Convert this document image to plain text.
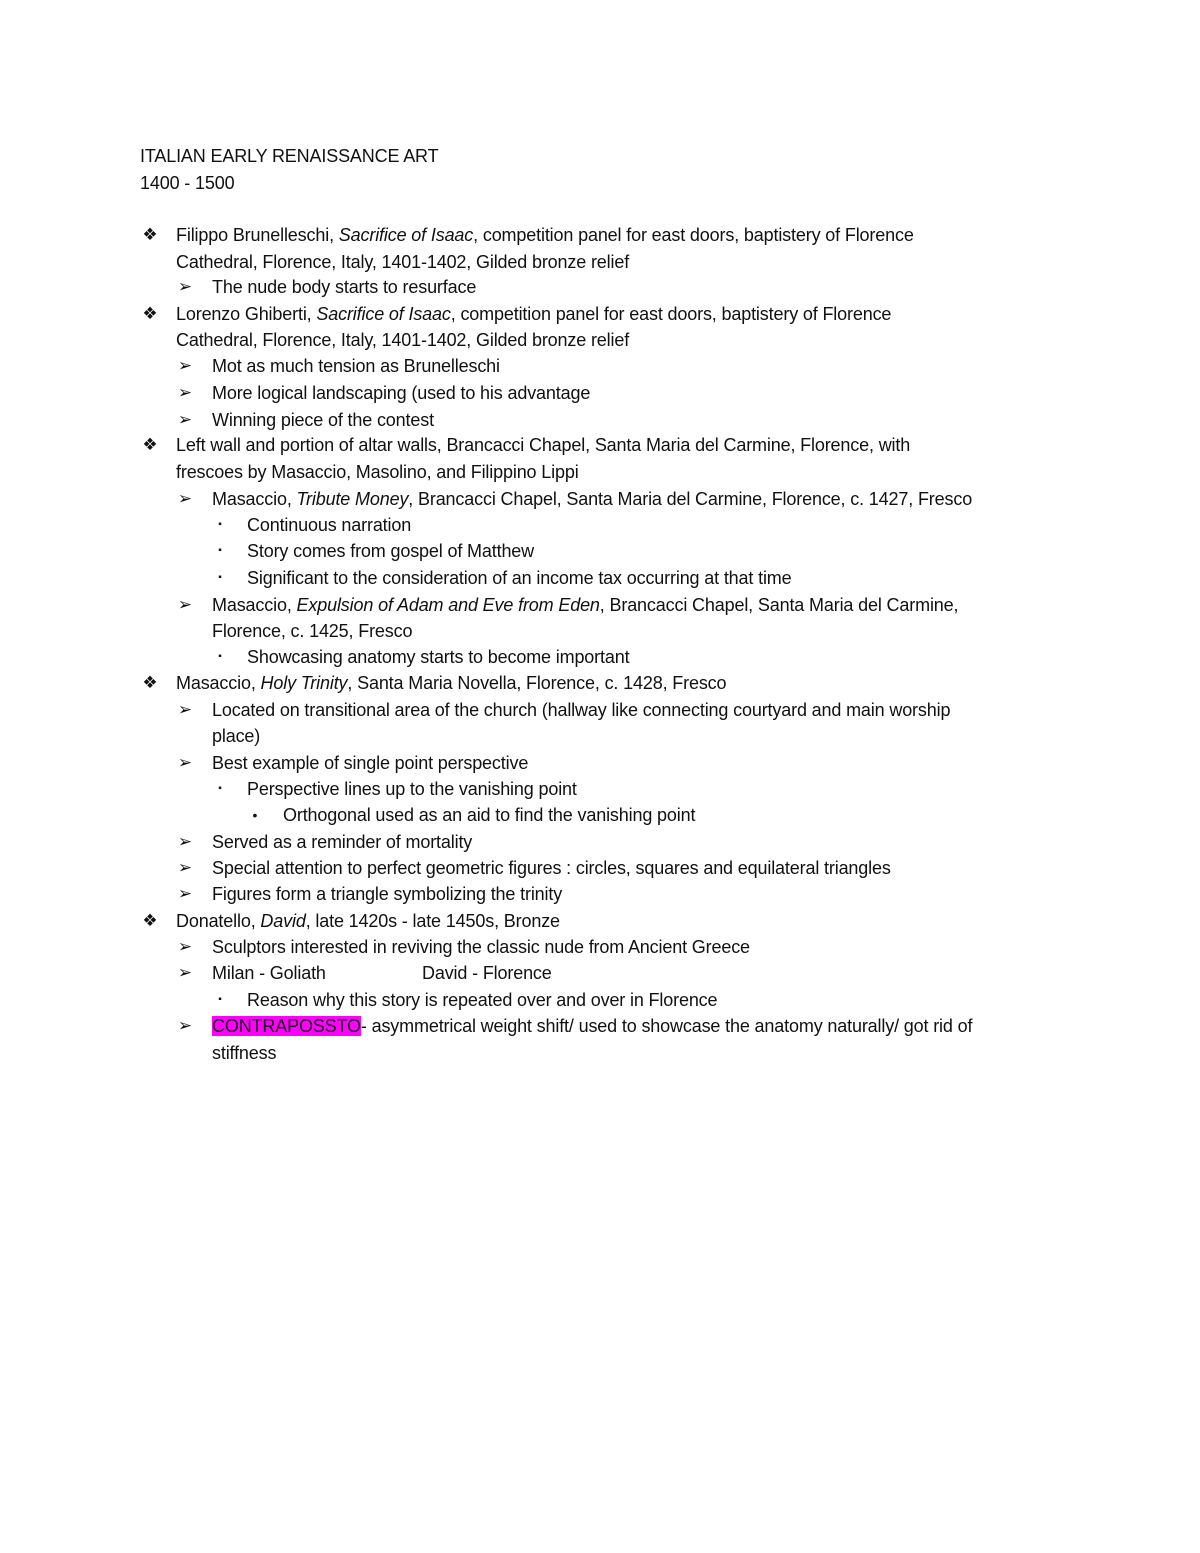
ITALIAN EARLY RENAISSANCE ART
1400 - 1500
❖ Filippo Brunelleschi, Sacrifice of Isaac, competition panel for east doors, baptistery of Florence
Cathedral, Florence, Italy, 1401-1402, Gilded bronze relief
➢ The nude body starts to resurface
❖ Lorenzo Ghiberti, Sacrifice of Isaac, competition panel for east doors, baptistery of Florence
Cathedral, Florence, Italy, 1401-1402, Gilded bronze relief
➢ Mot as much tension as Brunelleschi
➢ More logical landscaping (used to his advantage
➢ Winning piece of the contest
❖ Left wall and portion of altar walls, Brancacci Chapel, Santa Maria del Carmine, Florence, with
frescoes by Masaccio, Masolino, and Filippino Lippi
➢ Masaccio, Tribute Money, Brancacci Chapel, Santa Maria del Carmine, Florence, c. 1427, Fresco
▪	Continuous narration
▪	Story comes from gospel of Matthew
▪	Significant to the consideration of an income tax occurring at that time
➢ Masaccio, Expulsion of Adam and Eve from Eden, Brancacci Chapel, Santa Maria del Carmine,
Florence, c. 1425, Fresco
▪	Showcasing anatomy starts to become important
❖ Masaccio, Holy Trinity, Santa Maria Novella, Florence, c. 1428, Fresco
➢ Located on transitional area of the church (hallway like connecting courtyard and main worship
place)
➢ Best example of single point perspective
▪	Perspective lines up to the vanishing point
•	Orthogonal used as an aid to find the vanishing point
➢ Served as a reminder of mortality
➢ Special attention to perfect geometric figures : circles, squares and equilateral triangles
➢ Figures form a triangle symbolizing the trinity
❖ Donatello, David, late 1420s - late 1450s, Bronze
➢ Sculptors interested in reviving the classic nude from Ancient Greece
➢ Milan - Goliath	David - Florence
▪	Reason why this story is repeated over and over in Florence
➢ CONTRAPOSSTO- asymmetrical weight shift/ used to showcase the anatomy naturally/ got rid of
stiffness
